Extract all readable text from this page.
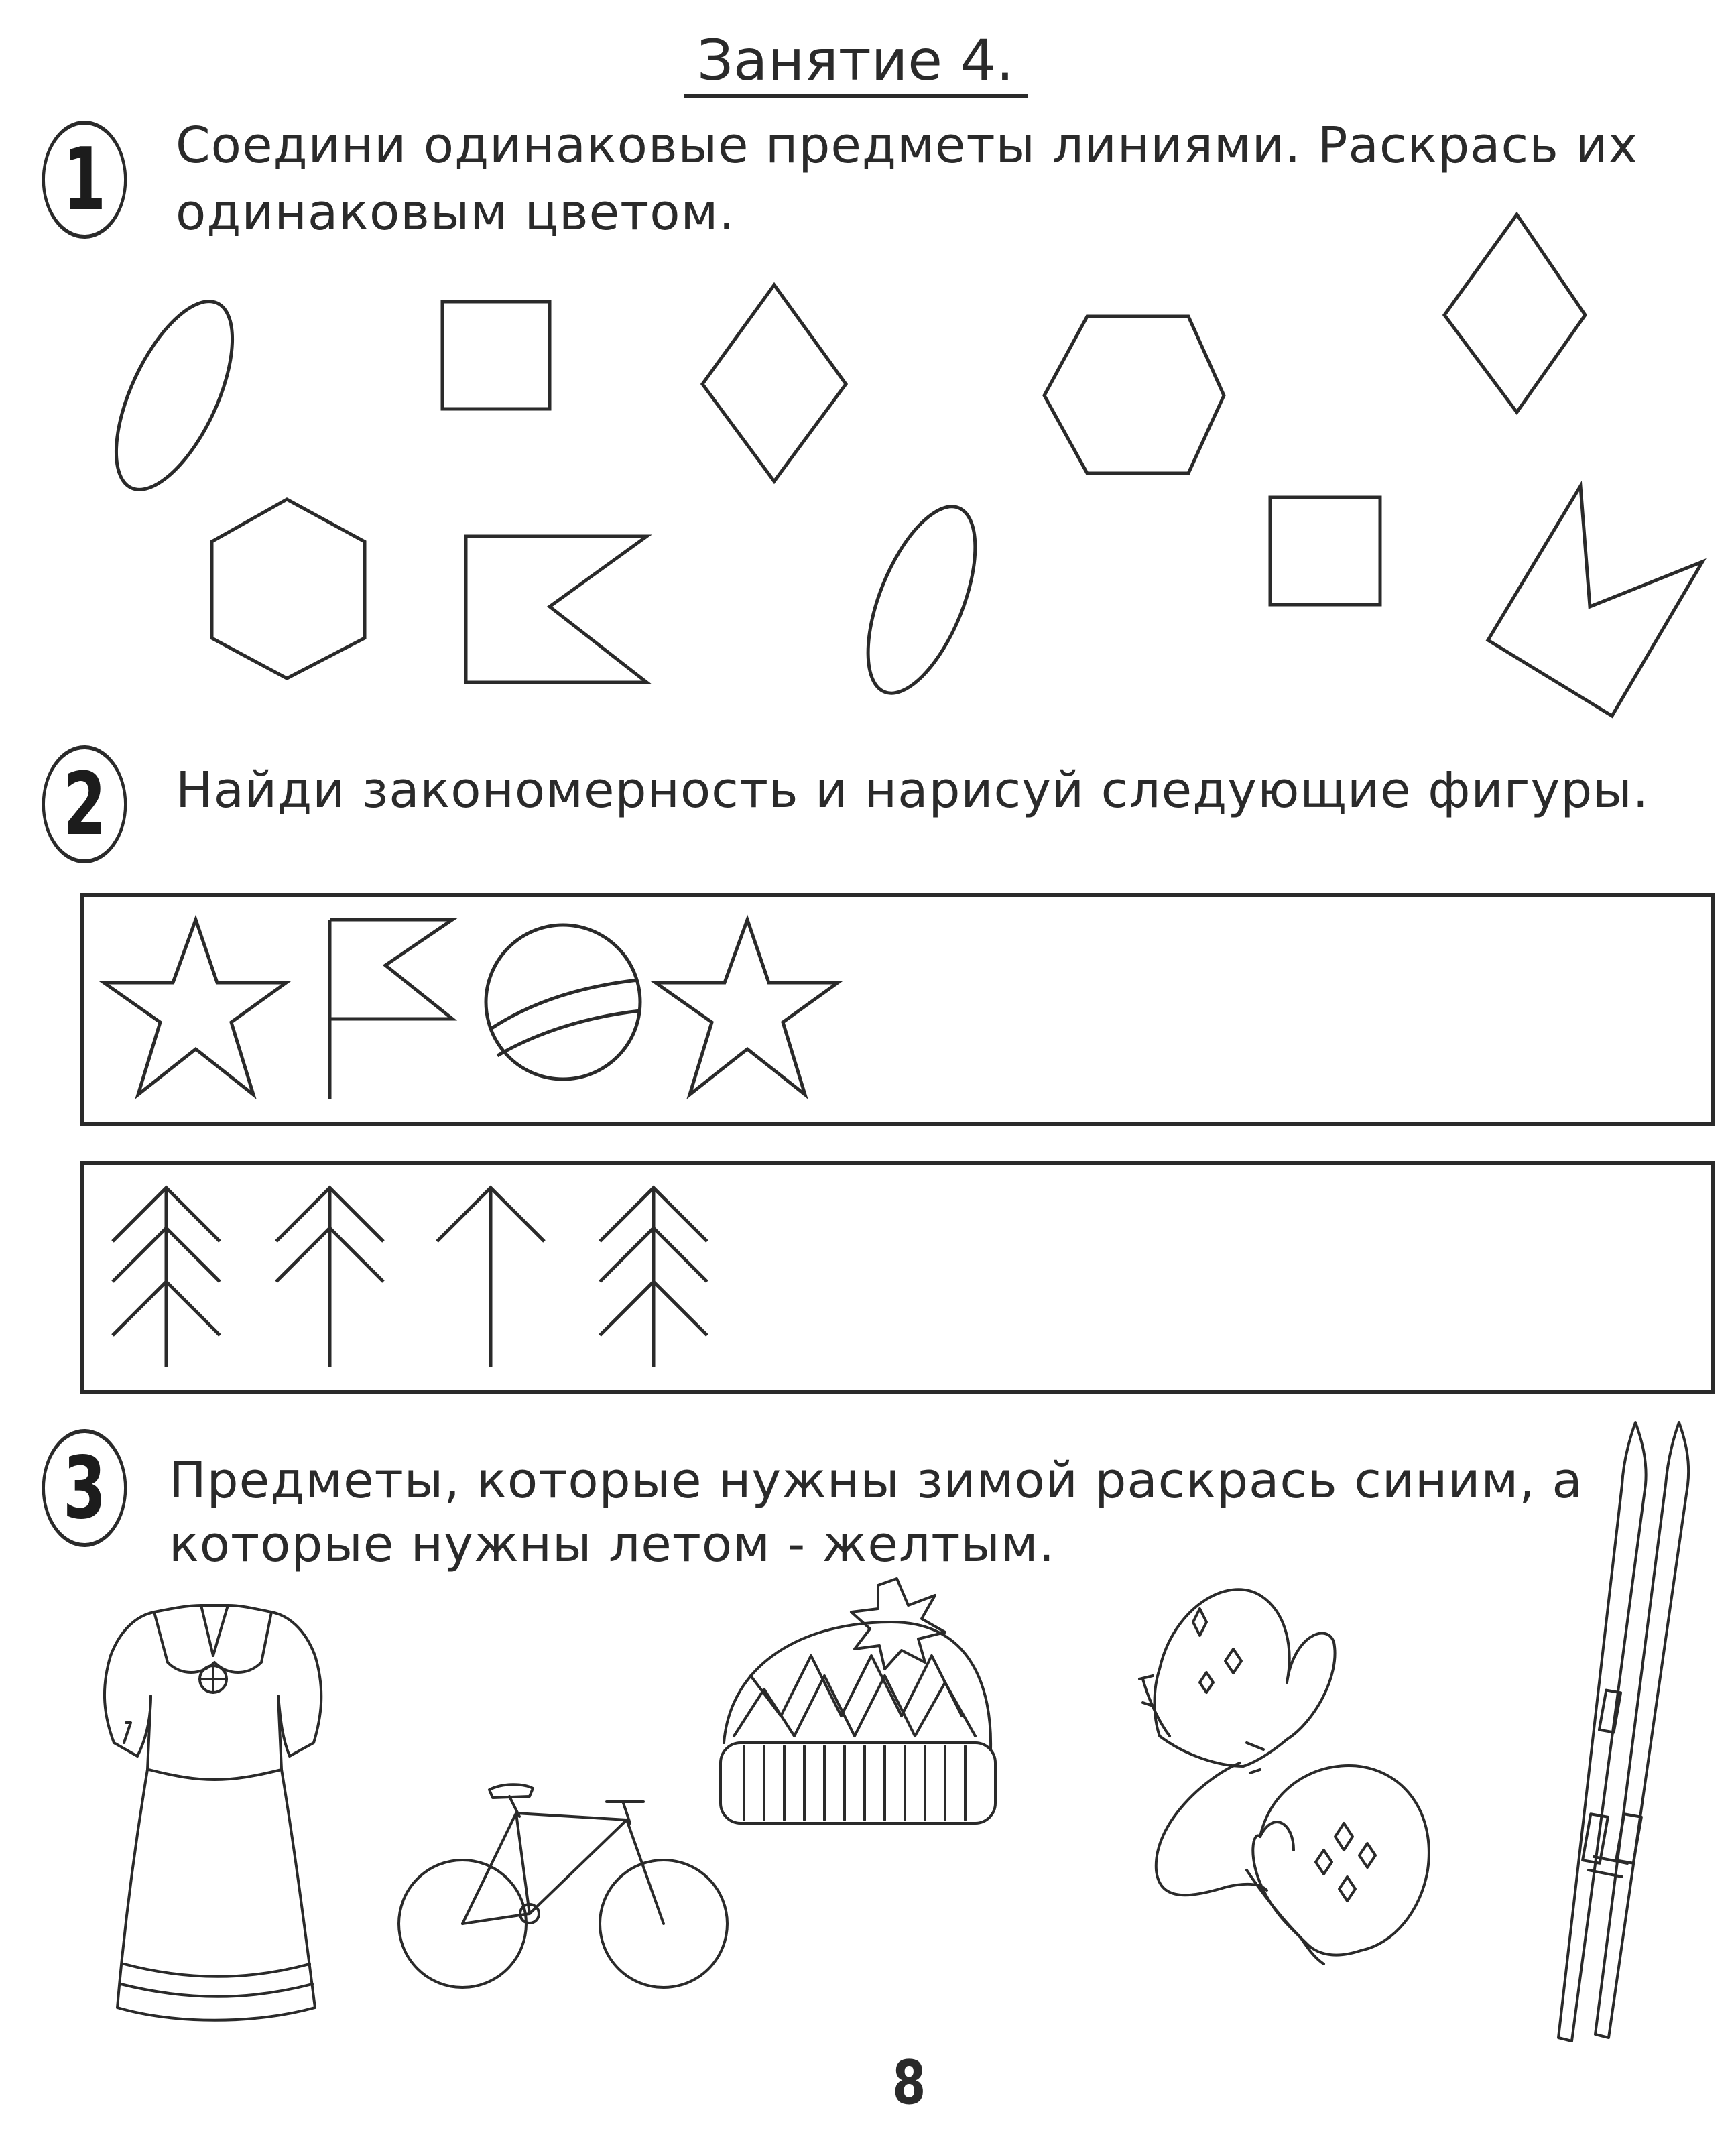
Занятие 4.
1	Соедини одинаковые предметы линиями. Раскрась их
одинаковым цветом.
2	Найди закономерность и нарисуй следующие фигуры.
3	Предметы, которые нужны зимой раскрась синим, а
которые нужны летом - желтым.
8
